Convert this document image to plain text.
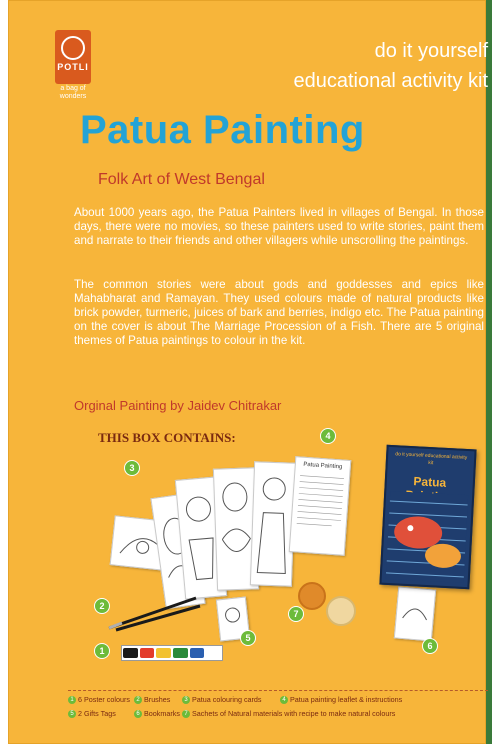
POTLI
a bag of wonders
do it yourself
educational activity kit
Patua Painting
Folk Art of West Bengal

About 1000 years ago, the Patua Painters lived in villages of Bengal. In those days, there were no movies, so these painters used to write stories, paint them and narrate to their friends and other villagers while unscrolling the paintings.

The common stories were about gods and goddesses and epics like Mahabharat and Ramayan. They used colours made of natural products like brick powder, turmeric, juices of bark and berries, indigo etc. The Patua painting on the cover is about The Marriage Procession of a Fish. There are 5 original themes of Patua paintings to colour in the kit.

Orginal Painting by Jaidev Chitrakar
THIS BOX CONTAINS:
Patua Painting
do it yourself educational activity kit
Patua
3
4
2
1
5
7
6
1 6 Poster colours	2 Brushes	3 Patua colouring cards	4 Patua painting leaflet & instructions
5 2 Gifts Tags	6 Bookmarks 7 Sachets of Natural materials with recipe to make natural colours
